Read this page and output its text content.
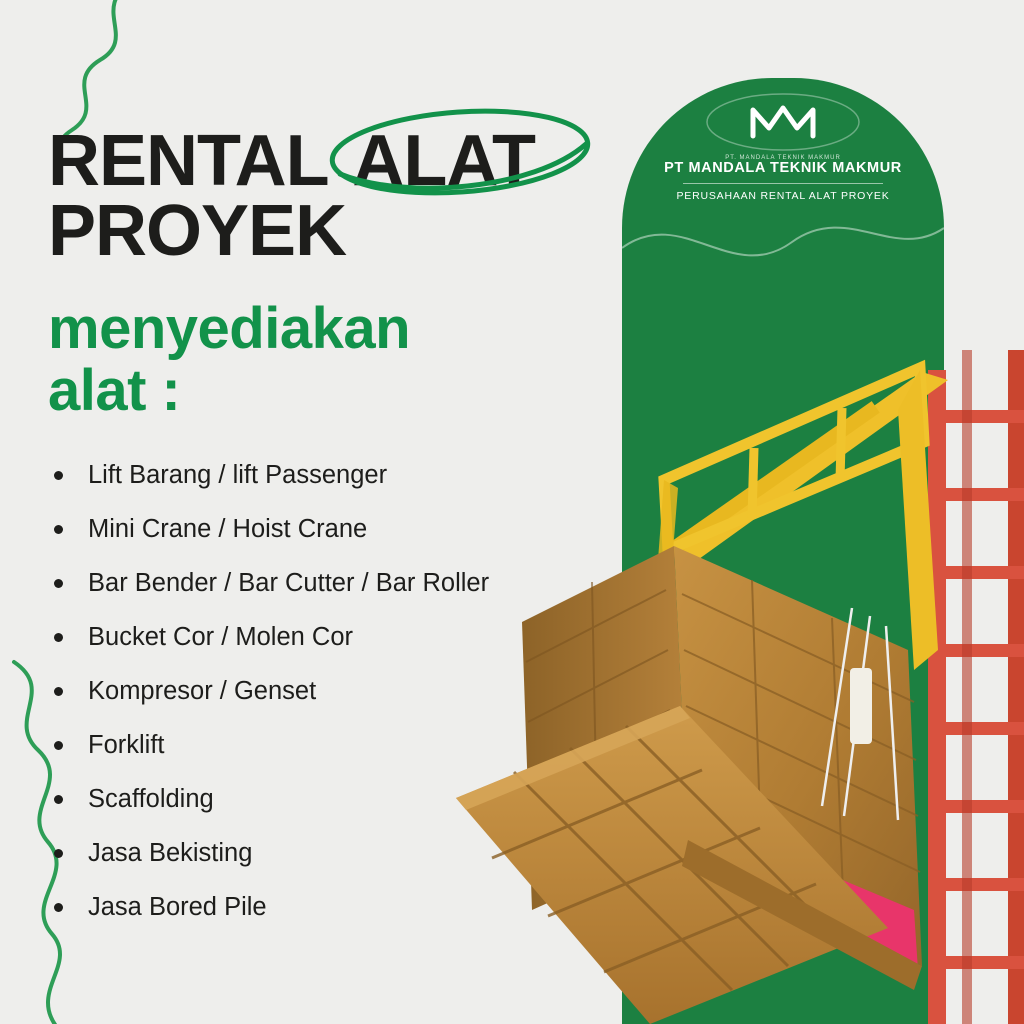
PT. MANDALA TEKNIK MAKMUR
PT MANDALA TEKNIK MAKMUR
PERUSAHAAN RENTAL ALAT PROYEK
RENTAL
ALAT
PROYEK
menyediakan
alat :
Lift Barang / lift Passenger
Mini Crane / Hoist Crane
Bar Bender / Bar Cutter / Bar Roller
Bucket Cor / Molen Cor
Kompresor / Genset
Forklift
Scaffolding
Jasa Bekisting
Jasa Bored Pile
